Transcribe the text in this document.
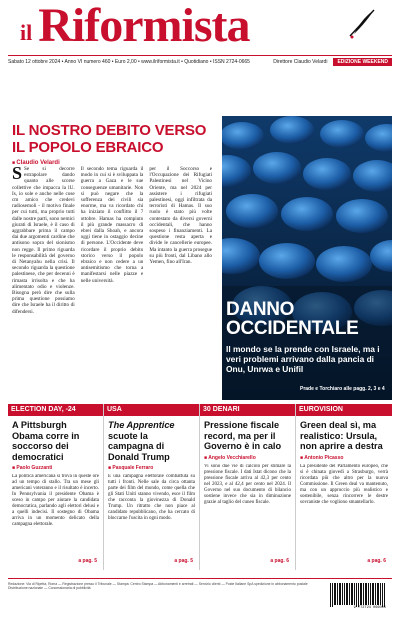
il Riformista
Sabato 12 ottobre 2024 • Anno VI numero 460 • Euro 2,00 • www.ilriformista.it • Quotidiano • ISSN 2724-0665	Direttore Claudio Velardi	EDIZIONE WEEKEND
IL NOSTRO DEBITO VERSO
IL POPOLO EBRAICO
■ Claudio Velardi
S Se si decorre estrapolare dando quanto alle scorse collettive che impacca la lU. Is, io sole e anche nelle cose cm amico che credevi radiosemoli - il motivo finale per cui tutti, ma proprio tutti dalle nostre parti, sono nemici giurati di Israele, è il caso di aggrabbare prima il campo dai due argomenti cardine che antisono sopra del sionismo non regge. Il primo riguarda le responsabilità del governo di Netanyahu nella crisi. Il secondo riguarda la questione palestinese, che per decenni è rimasta irrisolta e che ha alimentato odio e violenze. Bisogna però dire che sulla prima questione possiamo dire che Israele ha il diritto di difendersi.
Il secondo tema riguarda il modo in cui si è sviluppata la guerra a Gaza e le sue conseguenze umanitarie. Non si può negare che la sofferenza dei civili sia enorme, ma va ricordato chi ha iniziato il conflitto il 7 ottobre. Hamas ha compiuto il più grande massacro di ebrei dalla Shoah, e ancora oggi tiene in ostaggio decine di persone. L'Occidente deve ricordare il proprio debito storico verso il popolo ebraico e non cedere a un antisemitismo che torna a manifestarsi nelle piazze e nelle università.
per il Soccorso e l'Occupazione dei Rifugiati Palestinesi nel Vicino Oriente, ma nel 2024 per assistere i rifugiati palestinesi, oggi infiltrata da terroristi di Hamas. Il suo ruolo è stato più volte contestato da diversi governi occidentali, che hanno sospeso i finanziamenti. La questione resta aperta e divide le cancellerie europee. Ma intanto la guerra prosegue su più fronti, dal Libano allo Yemen, fino all'Iran.
DANNO
OCCIDENTALE
Il mondo se la prende con Israele, ma i veri problemi arrivano dalla pancia di Onu, Unrwa e Unifil
Prade e Torchiaro alle pagg. 2, 3 e 4
ELECTION DAY, -24
A Pittsburgh Obama corre in soccorso dei democratici
■ Paolo Guzzanti
La politica americana si trova in queste ore ad un tempo di stallo. Tra un mese gli americani voteranno e il risultato è incerto. In Pennsylvania il presidente Obama è sceso in campo per aiutare la candidata democratica, parlando agli elettori delusi e a quelli indecisi. Il sostegno di Obama arriva in un momento delicato della campagna elettorale.
a pag. 5
USA
The Apprentice scuote la campagna di Donald Trump
■ Pasquale Ferraro
È una campagna elettorale combattuta su tutti i fronti. Nelle sale da circa ottanta parte dei film del mondo, come quella che gli Stati Uniti stanno vivendo, esce il film che racconta la giovinezza di Donald Trump. Un ritratto che non piace al candidato repubblicano, che ha cercato di bloccarne l'uscita in ogni modo.
a pag. 5
30 DENARI
Pressione fiscale record, ma per il Governo è in calo
■ Angelo Vecchiarello
Vi sono due vie di calcolo per stimare la pressione fiscale. I dati Istat dicono che la pressione fiscale arriva al 42,3 per cento nel 2023, e al 42,4 per cento nel 2024. Il Governo nel suo documento di bilancio sostiene invece che sia in diminuzione grazie al taglio del cuneo fiscale.
a pag. 6
EUROVISION
Green deal sì, ma realistico: Ursula, non aprire a destra
■ Antonio Picasso
La presidente del Parlamento europeo, che si è chinata giovedì a Strasburgo, verrà ricordata più che altro per la nuova Commissione. Il Green deal va mantenuto, ma con un approccio più realistico e sostenibile, senza rincorrere le destre sovraniste che vogliono smantellarlo.
a pag. 6
Redazione: Via di Ripetta, Roma — Registrazione presso il Tribunale — Stampa: Centro Stampa — Distribuzione nazionale — Concessionaria di pubblicità
Abbonamenti e arretrati — Servizio clienti — Poste Italiane SpA spedizione in abbonamento postale
9 772724 066005
